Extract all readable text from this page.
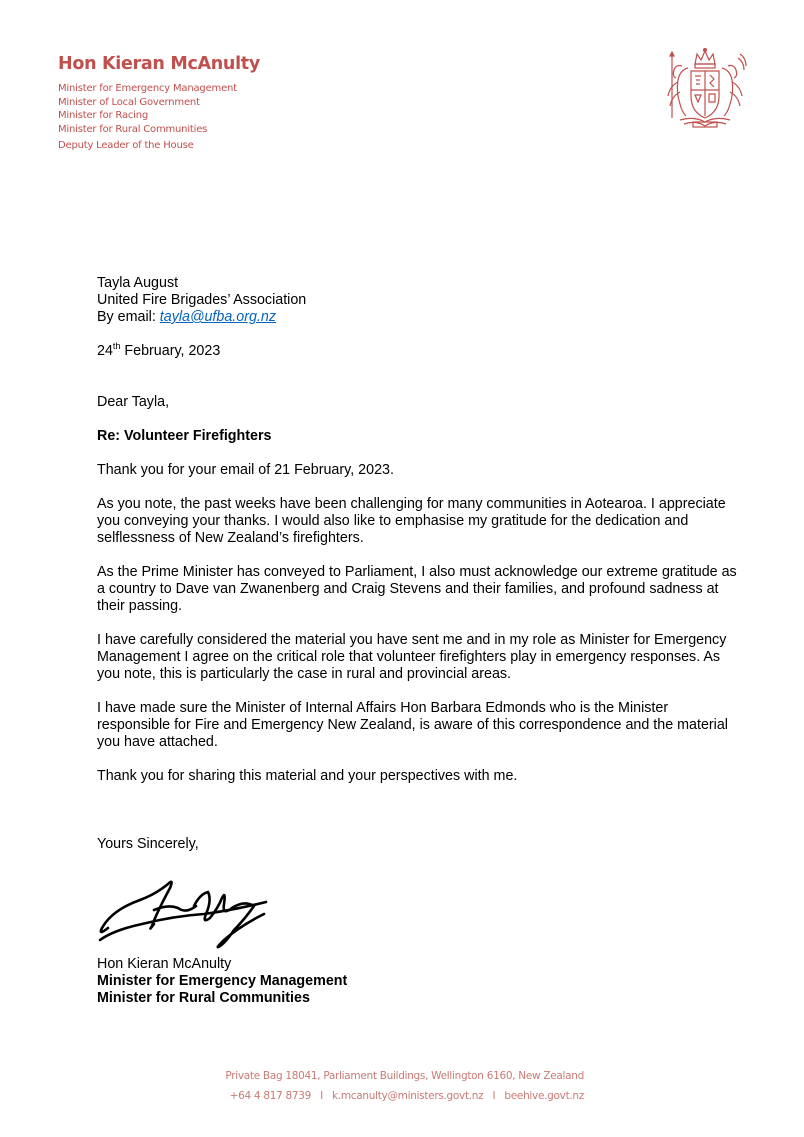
Hon Kieran McAnulty
Minister for Emergency Management
Minister of Local Government
Minister for Racing
Minister for Rural Communities
Deputy Leader of the House

Tayla August

United Fire Brigades’ Association

By email: tayla@ufba.org.nz

24th February, 2023

Dear Tayla,

Re: Volunteer Firefighters

Thank you for your email of 21 February, 2023.

As you note, the past weeks have been challenging for many communities in Aotearoa. I appreciate you conveying your thanks. I would also like to emphasise my gratitude for the dedication and selflessness of New Zealand’s firefighters.

As the Prime Minister has conveyed to Parliament, I also must acknowledge our extreme gratitude as a country to Dave van Zwanenberg and Craig Stevens and their families, and profound sadness at their passing.

I have carefully considered the material you have sent me and in my role as Minister for Emergency Management I agree on the critical role that volunteer firefighters play in emergency responses. As you note, this is particularly the case in rural and provincial areas.

I have made sure the Minister of Internal Affairs Hon Barbara Edmonds who is the Minister responsible for Fire and Emergency New Zealand, is aware of this correspondence and the material you have attached.

Thank you for sharing this material and your perspectives with me.

Yours Sincerely,

Hon Kieran McAnulty

Minister for Emergency Management

Minister for Rural Communities

Private Bag 18041, Parliament Buildings, Wellington 6160, New Zealand
+64 4 817 8739   I   k.mcanulty@ministers.govt.nz   I   beehive.govt.nz
